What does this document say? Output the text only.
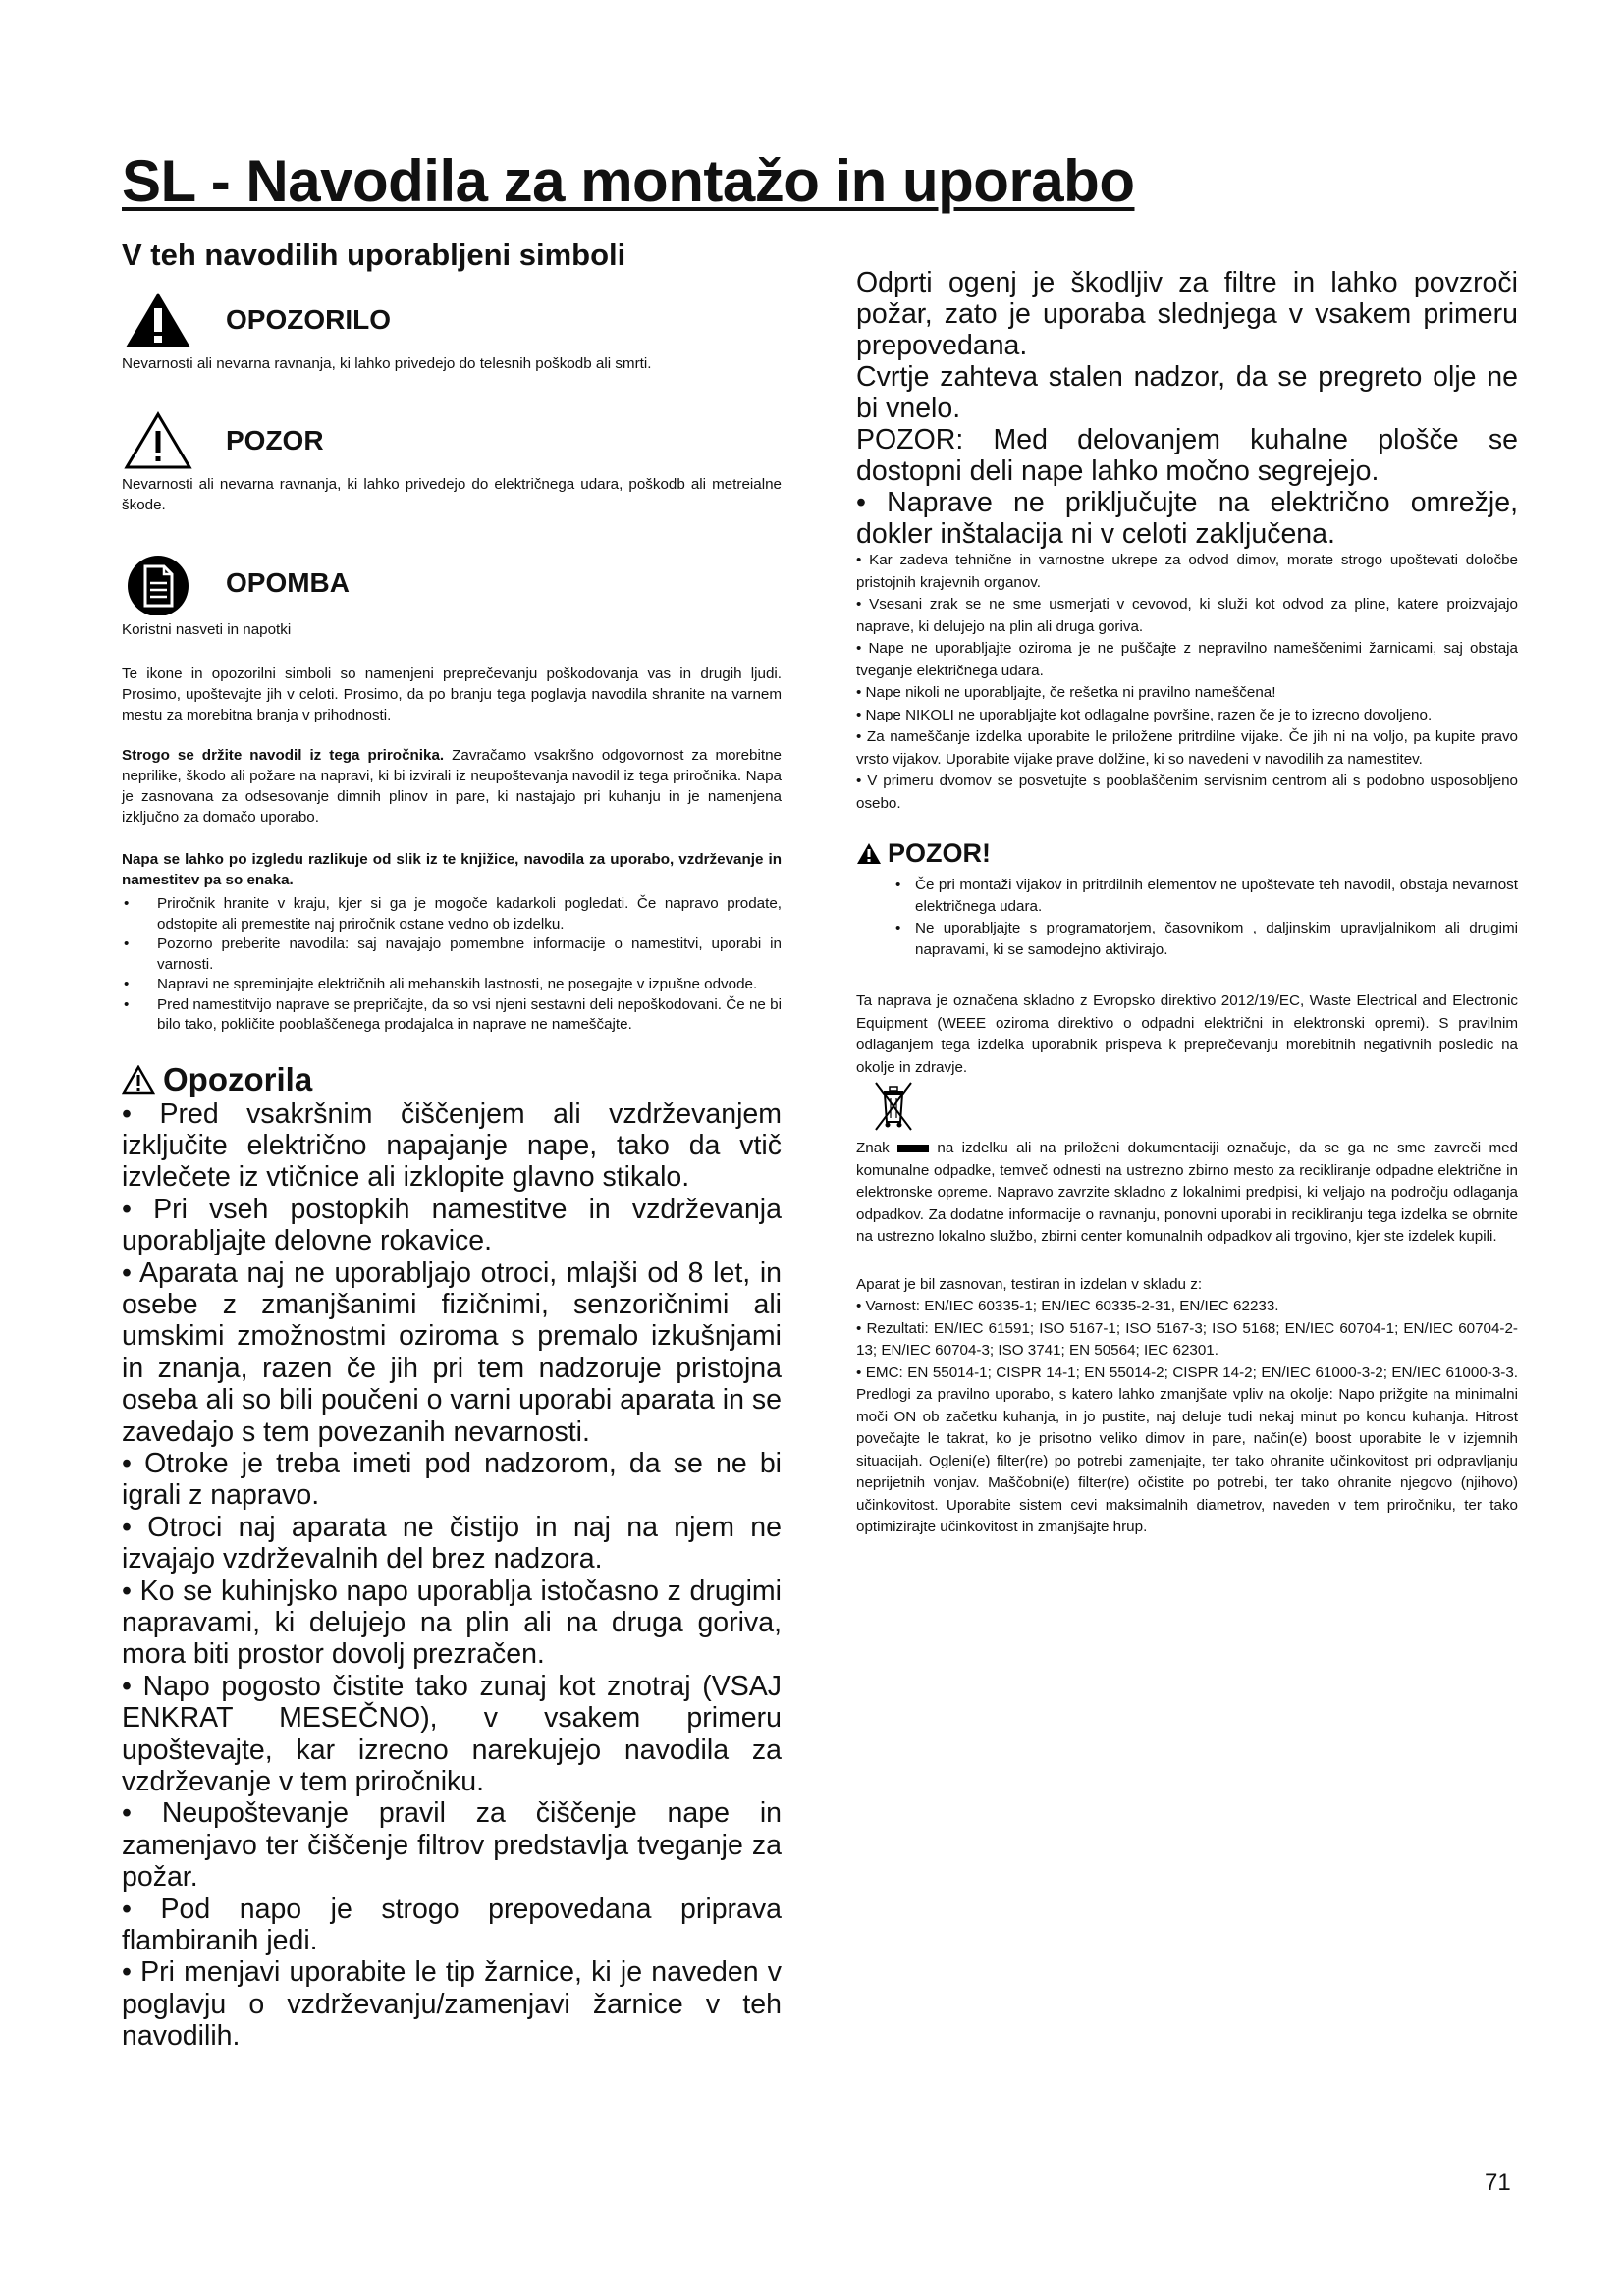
SL - Navodila za montažo in uporabo
V teh navodilih uporabljeni simboli
OPOZORILO

Nevarnosti ali nevarna ravnanja, ki lahko privedejo do telesnih poškodb ali smrti.

POZOR

Nevarnosti ali nevarna ravnanja, ki lahko privedejo do električnega udara, poškodb ali metreialne škode.

OPOMBA

Koristni nasveti in napotki

Te ikone in opozorilni simboli so namenjeni preprečevanju poškodovanja vas in drugih ljudi. Prosimo, upoštevajte jih v celoti. Prosimo, da po branju tega poglavja navodila shranite na varnem mestu za morebitna branja v prihodnosti.

Strogo se držite navodil iz tega priročnika. Zavračamo vsakršno odgovornost za morebitne neprilike, škodo ali požare na napravi, ki bi izvirali iz neupoštevanja navodil iz tega priročnika. Napa je zasnovana za odsesovanje dimnih plinov in pare, ki nastajajo pri kuhanju in je namenjena izključno za domačo uporabo.

Napa se lahko po izgledu razlikuje od slik iz te knjižice, navodila za uporabo, vzdrževanje in namestitev pa so enaka.

• Priročnik hranite v kraju, kjer si ga je mogoče kadarkoli pogledati. Če napravo prodate, odstopite ali premestite naj priročnik ostane vedno ob izdelku.
• Pozorno preberite navodila: saj navajajo pomembne informacije o namestitvi, uporabi in varnosti.
• Napravi ne spreminjajte električnih ali mehanskih lastnosti, ne posegajte v izpušne odvode.
• Pred namestitvijo naprave se prepričajte, da so vsi njeni sestavni deli nepoškodovani. Če ne bi bilo tako, pokličite pooblaščenega prodajalca in naprave ne nameščajte.
Opozorila

• Pred vsakršnim čiščenjem ali vzdrževanjem izključite električno napajanje nape, tako da vtič izvlečete iz vtičnice ali izklopite glavno stikalo.

• Pri vseh postopkih namestitve in vzdrževanja uporabljajte delovne rokavice.

• Aparata naj ne uporabljajo otroci, mlajši od 8 let, in osebe z zmanjšanimi fizičnimi, senzoričnimi ali umskimi zmožnostmi oziroma s premalo izkušnjami in znanja, razen če jih pri tem nadzoruje pristojna oseba ali so bili poučeni o varni uporabi aparata in se zavedajo s tem povezanih nevarnosti.

• Otroke je treba imeti pod nadzorom, da se ne bi igrali z napravo.

• Otroci naj aparata ne čistijo in naj na njem ne izvajajo vzdrževalnih del brez nadzora.

• Ko se kuhinjsko napo uporablja istočasno z drugimi napravami, ki delujejo na plin ali na druga goriva, mora biti prostor dovolj prezračen.

• Napo pogosto čistite tako zunaj kot znotraj (VSAJ ENKRAT MESEČNO), v vsakem primeru upoštevajte, kar izrecno narekujejo navodila za vzdrževanje v tem priročniku.

• Neupoštevanje pravil za čiščenje nape in zamenjavo ter čiščenje filtrov predstavlja tveganje za požar.

• Pod napo je strogo prepovedana priprava flambiranih jedi.

• Pri menjavi uporabite le tip žarnice, ki je naveden v poglavju o vzdrževanju/zamenjavi žarnice v teh navodilih.

Odprti ogenj je škodljiv za filtre in lahko povzroči požar, zato je uporaba slednjega v vsakem primeru prepovedana.

Cvrtje zahteva stalen nadzor, da se pregreto olje ne bi vnelo.

POZOR: Med delovanjem kuhalne plošče se dostopni deli nape lahko močno segrejejo.

• Naprave ne priključujte na električno omrežje, dokler inštalacija ni v celoti zaključena.

• Kar zadeva tehnične in varnostne ukrepe za odvod dimov, morate strogo upoštevati določbe pristojnih krajevnih organov.

• Vsesani zrak se ne sme usmerjati v cevovod, ki služi kot odvod za pline, katere proizvajajo naprave, ki delujejo na plin ali druga goriva.

• Nape ne uporabljajte oziroma je ne puščajte z nepravilno nameščenimi žarnicami, saj obstaja tveganje električnega udara.

• Nape nikoli ne uporabljajte, če rešetka ni pravilno nameščena!

• Nape NIKOLI ne uporabljajte kot odlagalne površine, razen če je to izrecno dovoljeno.

• Za nameščanje izdelka uporabite le priložene pritrdilne vijake. Če jih ni na voljo, pa kupite pravo vrsto vijakov. Uporabite vijake prave dolžine, ki so navedeni v navodilih za namestitev.

• V primeru dvomov se posvetujte s pooblaščenim servisnim centrom ali s podobno usposobljeno osebo.

POZOR!
• Če pri montaži vijakov in pritrdilnih elementov ne upoštevate teh navodil, obstaja nevarnost električnega udara.
• Ne uporabljajte s programatorjem, časovnikom , daljinskim upravljalnikom ali drugimi napravami, ki se samodejno aktivirajo.

Ta naprava je označena skladno z Evropsko direktivo 2012/19/EC, Waste Electrical and Electronic Equipment (WEEE oziroma direktivo o odpadni električni in elektronski opremi). S pravilnim odlaganjem tega izdelka uporabnik prispeva k preprečevanju morebitnih negativnih posledic na okolje in zdravje.

Znak	na izdelku ali na priloženi dokumentaciji označuje, da se ga ne sme zavreči med komunalne odpadke, temveč odnesti na ustrezno zbirno mesto za recikliranje odpadne električne in elektronske opreme. Napravo zavrzite skladno z lokalnimi predpisi, ki veljajo na področju odlaganja odpadkov. Za dodatne informacije o ravnanju, ponovni uporabi in recikliranju tega izdelka se obrnite na ustrezno lokalno službo, zbirni center komunalnih odpadkov ali trgovino, kjer ste izdelek kupili.

Aparat je bil zasnovan, testiran in izdelan v skladu z:

• Varnost: EN/IEC 60335-1; EN/IEC 60335-2-31, EN/IEC 62233.

• Rezultati: EN/IEC 61591; ISO 5167-1; ISO 5167-3; ISO 5168; EN/IEC 60704-1; EN/IEC 60704-2-13; EN/IEC 60704-3; ISO 3741; EN 50564; IEC 62301.

• EMC: EN 55014-1; CISPR 14-1; EN 55014-2; CISPR 14-2; EN/IEC 61000-3-2; EN/IEC 61000-3-3. Predlogi za pravilno uporabo, s katero lahko zmanjšate vpliv na okolje: Napo prižgite na minimalni moči ON ob začetku kuhanja, in jo pustite, naj deluje tudi nekaj minut po koncu kuhanja. Hitrost povečajte le takrat, ko je prisotno veliko dimov in pare, način(e) boost uporabite le v izjemnih situacijah. Ogleni(e) filter(re) po potrebi zamenjajte, ter tako ohranite učinkovitost pri odpravljanju neprijetnih vonjav. Maščobni(e) filter(re) očistite po potrebi, ter tako ohranite njegovo (njihovo) učinkovitost. Uporabite sistem cevi maksimalnih diametrov, naveden v tem priročniku, ter tako optimizirajte učinkovitost in zmanjšajte hrup.

71
